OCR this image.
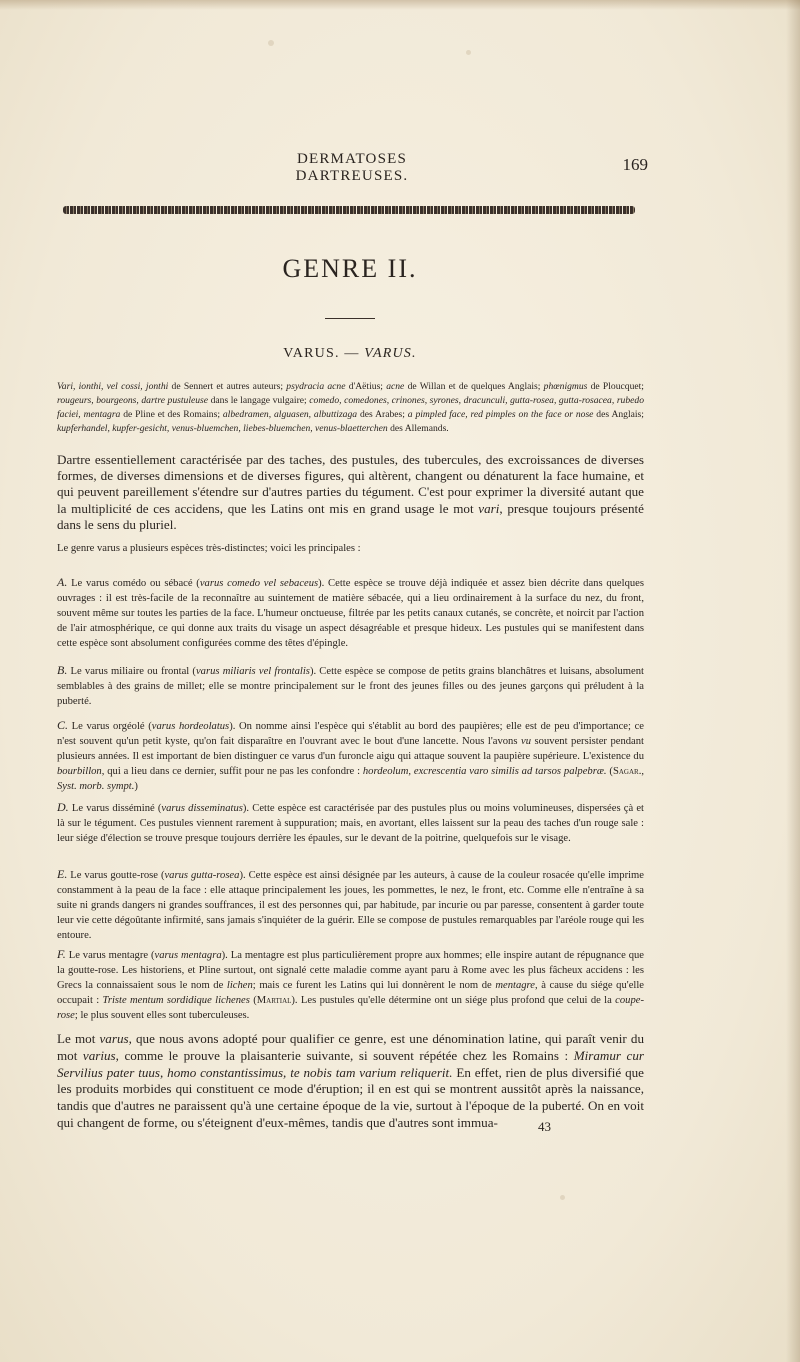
DERMATOSES DARTREUSES.
169
GENRE II.
VARUS. — VARUS.
Vari, ionthi, vel cossi, jonthi de Sennert et autres auteurs; psydracia acne d'Aëtius; acne de Willan et de quelques Anglais; phœnigmus de Ploucquet; rougeurs, bourgeons, dartre pustuleuse dans le langage vulgaire; comedo, comedones, crinones, syrones, dracunculi, gutta-rosea, gutta-rosacea, rubedo faciei, mentagra de Pline et des Romains; albedramen, alguasen, albuttizaga des Arabes; a pimpled face, red pimples on the face or nose des Anglais; kupferhandel, kupfer-gesicht, venus-bluemchen, liebes-bluemchen, venus-blaetterchen des Allemands.
Dartre essentiellement caractérisée par des taches, des pustules, des tubercules, des excroissances de diverses formes, de diverses dimensions et de diverses figures, qui altèrent, changent ou dénaturent la face humaine, et qui peuvent pareillement s'étendre sur d'autres parties du tégument. C'est pour exprimer la diversité autant que la multiplicité de ces accidens, que les Latins ont mis en grand usage le mot vari, presque toujours présenté dans le sens du pluriel.
Le genre varus a plusieurs espèces très-distinctes; voici les principales :
A. Le varus comédo ou sébacé (varus comedo vel sebaceus). Cette espèce se trouve déjà indiquée et assez bien décrite dans quelques ouvrages : il est très-facile de la reconnaître au suintement de matière sébacée, qui a lieu ordinairement à la surface du nez, du front, souvent même sur toutes les parties de la face. L'humeur onctueuse, filtrée par les petits canaux cutanés, se concrète, et noircit par l'action de l'air atmosphérique, ce qui donne aux traits du visage un aspect désagréable et presque hideux. Les pustules qui se manifestent dans cette espèce sont absolument configurées comme des têtes d'épingle.
B. Le varus miliaire ou frontal (varus miliaris vel frontalis). Cette espèce se compose de petits grains blanchâtres et luisans, absolument semblables à des grains de millet; elle se montre principalement sur le front des jeunes filles ou des jeunes garçons qui préludent à la puberté.
C. Le varus orgéolé (varus hordeolatus). On nomme ainsi l'espèce qui s'établit au bord des paupières; elle est de peu d'importance; ce n'est souvent qu'un petit kyste, qu'on fait disparaître en l'ouvrant avec le bout d'une lancette. Nous l'avons vu souvent persister pendant plusieurs années. Il est important de bien distinguer ce varus d'un furoncle aigu qui attaque souvent la paupière supérieure. L'existence du bourbillon, qui a lieu dans ce dernier, suffit pour ne pas les confondre : hordeolum, excrescentia varo similis ad tarsos palpebræ. (Sagar., Syst. morb. sympt.)
D. Le varus disséminé (varus disseminatus). Cette espèce est caractérisée par des pustules plus ou moins volumineuses, dispersées çà et là sur le tégument. Ces pustules viennent rarement à suppuration; mais, en avortant, elles laissent sur la peau des taches d'un rouge sale : leur siége d'élection se trouve presque toujours derrière les épaules, sur le devant de la poitrine, quelquefois sur le visage.
E. Le varus goutte-rose (varus gutta-rosea). Cette espèce est ainsi désignée par les auteurs, à cause de la couleur rosacée qu'elle imprime constamment à la peau de la face : elle attaque principalement les joues, les pommettes, le nez, le front, etc. Comme elle n'entraîne à sa suite ni grands dangers ni grandes souffrances, il est des personnes qui, par habitude, par incurie ou par paresse, consentent à garder toute leur vie cette dégoûtante infirmité, sans jamais s'inquiéter de la guérir. Elle se compose de pustules remarquables par l'aréole rouge qui les entoure.
F. Le varus mentagre (varus mentagra). La mentagre est plus particulièrement propre aux hommes; elle inspire autant de répugnance que la goutte-rose. Les historiens, et Pline surtout, ont signalé cette maladie comme ayant paru à Rome avec les plus fâcheux accidens : les Grecs la connaissaient sous le nom de lichen; mais ce furent les Latins qui lui donnèrent le nom de mentagre, à cause du siége qu'elle occupait : Triste mentum sordidique lichenes (Martial). Les pustules qu'elle détermine ont un siége plus profond que celui de la coupe-rose; le plus souvent elles sont tuberculeuses.
Le mot varus, que nous avons adopté pour qualifier ce genre, est une dénomination latine, qui paraît venir du mot varius, comme le prouve la plaisanterie suivante, si souvent répétée chez les Romains : Miramur cur Servilius pater tuus, homo constantissimus, te nobis tam varium reliquerit. En effet, rien de plus diversifié que les produits morbides qui constituent ce mode d'éruption; il en est qui se montrent aussitôt après la naissance, tandis que d'autres ne paraissent qu'à une certaine époque de la vie, surtout à l'époque de la puberté. On en voit qui changent de forme, ou s'éteignent d'eux-mêmes, tandis que d'autres sont immua-	43
